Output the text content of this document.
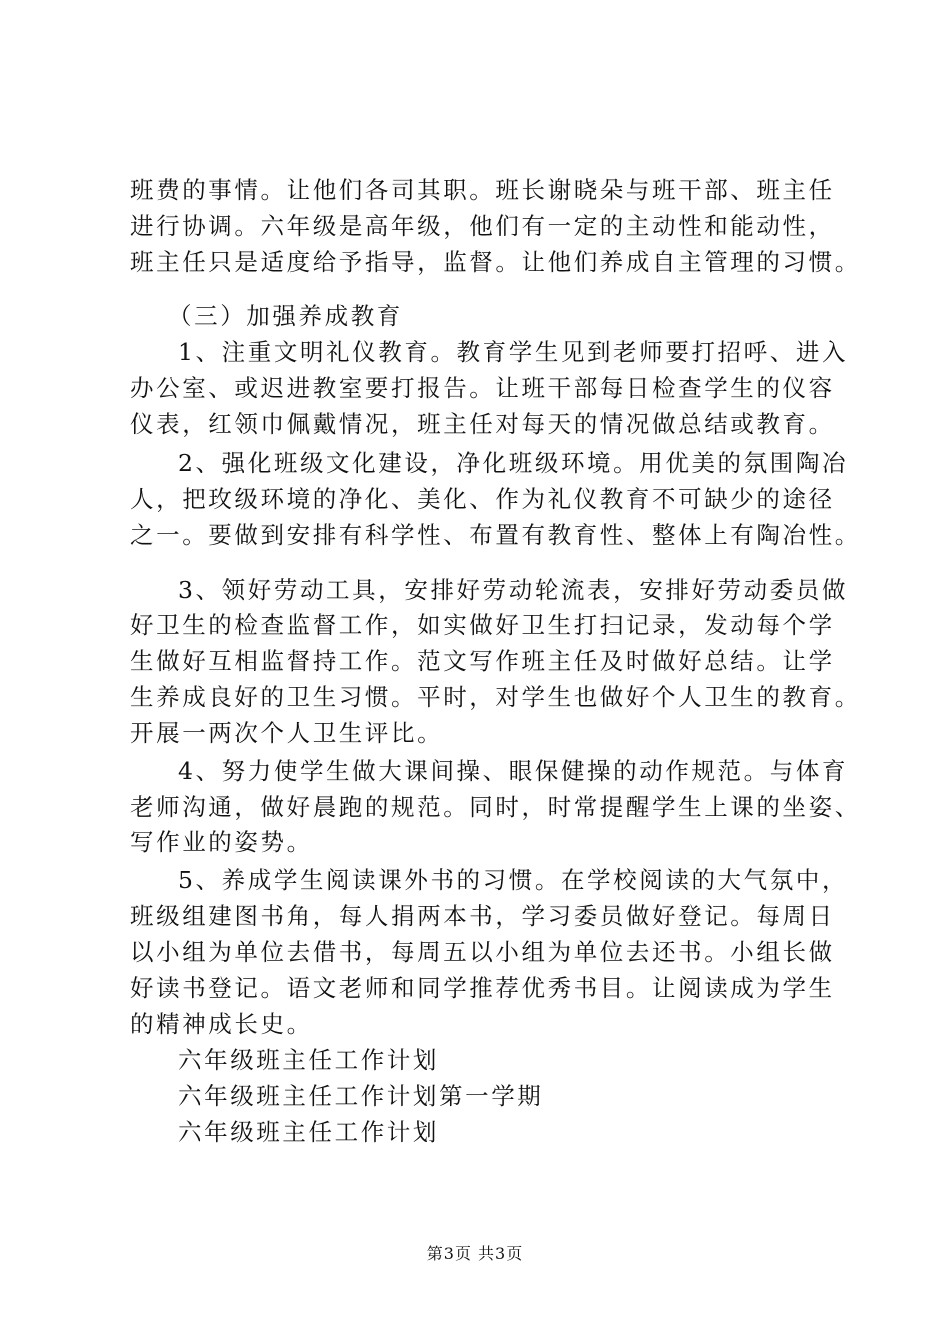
班费的事情。让他们各司其职。班长谢晓朵与班干部、班主任
进行协调。六年级是高年级，他们有一定的主动性和能动性，
班主任只是适度给予指导，监督。让他们养成自主管理的习惯。
（三）加强养成教育
1、注重文明礼仪教育。教育学生见到老师要打招呼、进入
办公室、或迟进教室要打报告。让班干部每日检查学生的仪容
仪表，红领巾佩戴情况，班主任对每天的情况做总结或教育。
2、强化班级文化建设，净化班级环境。用优美的氛围陶冶
人，把玫级环境的净化、美化、作为礼仪教育不可缺少的途径
之一。要做到安排有科学性、布置有教育性、整体上有陶冶性。
3、领好劳动工具，安排好劳动轮流表，安排好劳动委员做
好卫生的检查监督工作，如实做好卫生打扫记录，发动每个学
生做好互相监督持工作。范文写作班主任及时做好总结。让学
生养成良好的卫生习惯。平时，对学生也做好个人卫生的教育。
开展一两次个人卫生评比。
4、努力使学生做大课间操、眼保健操的动作规范。与体育
老师沟通，做好晨跑的规范。同时，时常提醒学生上课的坐姿、
写作业的姿势。
5、养成学生阅读课外书的习惯。在学校阅读的大气氛中，
班级组建图书角，每人捐两本书，学习委员做好登记。每周日
以小组为单位去借书，每周五以小组为单位去还书。小组长做
好读书登记。语文老师和同学推荐优秀书目。让阅读成为学生
的精神成长史。
六年级班主任工作计划
六年级班主任工作计划第一学期
六年级班主任工作计划
第3页 共3页
